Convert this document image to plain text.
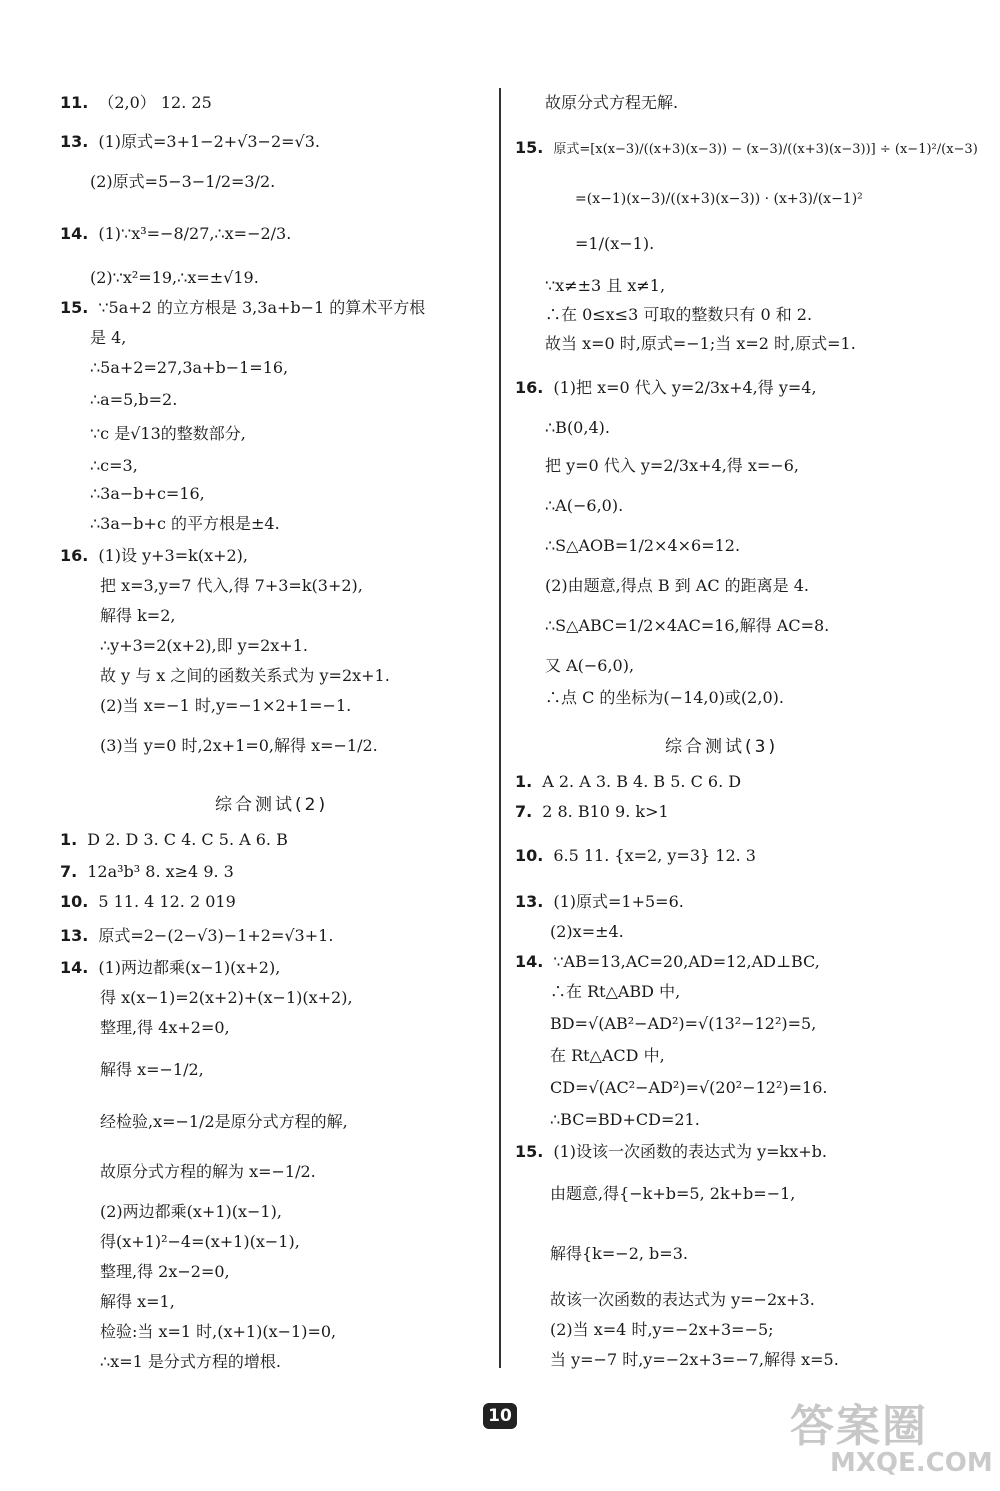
11. （2,0） 12. 25
13. (1)原式=3+1−2+√3−2=√3.
(2)原式=5−3−1/2=3/2.
14. (1)∵x³=−8/27,∴x=−2/3.
(2)∵x²=19,∴x=±√19.
15. ∵5a+2 的立方根是 3,3a+b−1 的算术平方根
是 4,
∴5a+2=27,3a+b−1=16,
∴a=5,b=2.
∵c 是√13的整数部分,
∴c=3,
∴3a−b+c=16,
∴3a−b+c 的平方根是±4.
16. (1)设 y+3=k(x+2),
把 x=3,y=7 代入,得 7+3=k(3+2),
解得 k=2,
∴y+3=2(x+2),即 y=2x+1.
故 y 与 x 之间的函数关系式为 y=2x+1.
(2)当 x=−1 时,y=−1×2+1=−1.
(3)当 y=0 时,2x+1=0,解得 x=−1/2.
综合测试(2)
1. D 2. D 3. C 4. C 5. A 6. B
7. 12a³b³ 8. x≥4 9. 3
10. 5 11. 4 12. 2 019
13. 原式=2−(2−√3)−1+2=√3+1.
14. (1)两边都乘(x−1)(x+2),
得 x(x−1)=2(x+2)+(x−1)(x+2),
整理,得 4x+2=0,
解得 x=−1/2,
经检验,x=−1/2是原分式方程的解,
故原分式方程的解为 x=−1/2.
(2)两边都乘(x+1)(x−1),
得(x+1)²−4=(x+1)(x−1),
整理,得 2x−2=0,
解得 x=1,
检验:当 x=1 时,(x+1)(x−1)=0,
∴x=1 是分式方程的增根.
故原分式方程无解.
15. 原式=[x(x−3)/((x+3)(x−3)) − (x−3)/((x+3)(x−3))] ÷ (x−1)²/(x−3)
=(x−1)(x−3)/((x+3)(x−3)) · (x+3)/(x−1)²
=1/(x−1).
∵x≠±3 且 x≠1,
∴在 0≤x≤3 可取的整数只有 0 和 2.
故当 x=0 时,原式=−1;当 x=2 时,原式=1.
16. (1)把 x=0 代入 y=2/3x+4,得 y=4,
∴B(0,4).
把 y=0 代入 y=2/3x+4,得 x=−6,
∴A(−6,0).
∴S△AOB=1/2×4×6=12.
(2)由题意,得点 B 到 AC 的距离是 4.
∴S△ABC=1/2×4AC=16,解得 AC=8.
又 A(−6,0),
∴点 C 的坐标为(−14,0)或(2,0).
综合测试(3)
1. A 2. A 3. B 4. B 5. C 6. D
7. 2 8. B10 9. k>1
10. 6.5 11. {x=2, y=3} 12. 3
13. (1)原式=1+5=6.
(2)x=±4.
14. ∵AB=13,AC=20,AD=12,AD⊥BC,
∴在 Rt△ABD 中,
BD=√(AB²−AD²)=√(13²−12²)=5,
在 Rt△ACD 中,
CD=√(AC²−AD²)=√(20²−12²)=16.
∴BC=BD+CD=21.
15. (1)设该一次函数的表达式为 y=kx+b.
由题意,得{−k+b=5, 2k+b=−1,
解得{k=−2, b=3.
故该一次函数的表达式为 y=−2x+3.
(2)当 x=4 时,y=−2x+3=−5;
当 y=−7 时,y=−2x+3=−7,解得 x=5.
10	答案圈
MXQE.COM
